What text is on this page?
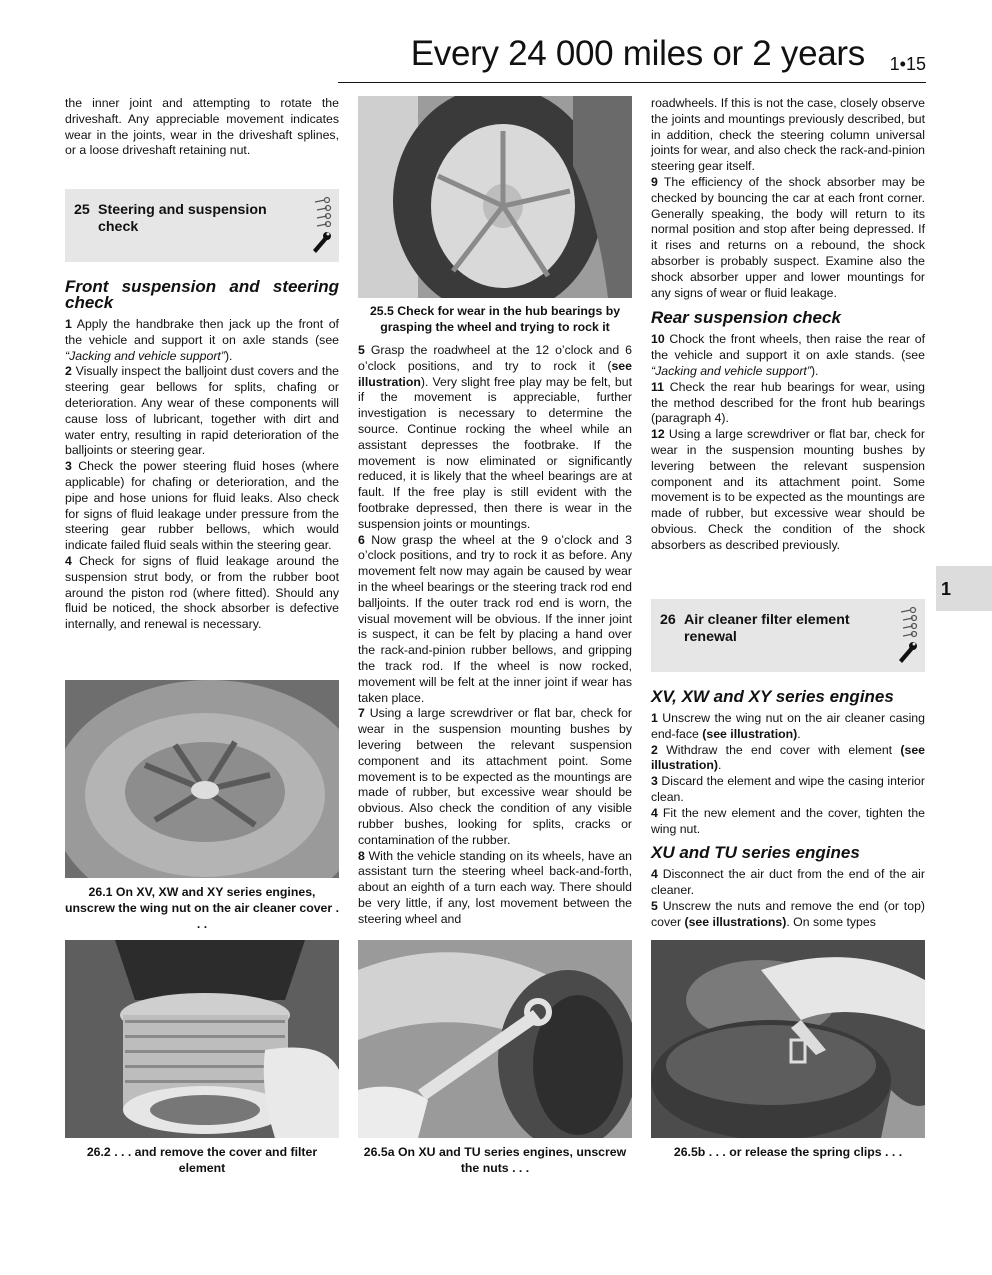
Every 24 000 miles or 2 years 1•15

the inner joint and attempting to rotate the driveshaft. Any appreciable movement indicates wear in the joints, wear in the driveshaft splines, or a loose driveshaft retaining nut.

25 Steering and suspension check

Front suspension and steering check

1 Apply the handbrake then jack up the front of the vehicle and support it on axle stands (see “Jacking and vehicle support”).

2 Visually inspect the balljoint dust covers and the steering gear bellows for splits, chafing or deterioration. Any wear of these components will cause loss of lubricant, together with dirt and water entry, resulting in rapid deterioration of the balljoints or steering gear.

3 Check the power steering fluid hoses (where applicable) for chafing or deterioration, and the pipe and hose unions for fluid leaks. Also check for signs of fluid leakage under pressure from the steering gear rubber bellows, which would indicate failed fluid seals within the steering gear.

4 Check for signs of fluid leakage around the suspension strut body, or from the rubber boot around the piston rod (where fitted). Should any fluid be noticed, the shock absorber is defective internally, and renewal is necessary.

26.1 On XV, XW and XY series engines, unscrew the wing nut on the air cleaner cover . . .
25.5 Check for wear in the hub bearings by grasping the wheel and trying to rock it

5 Grasp the roadwheel at the 12 o’clock and 6 o’clock positions, and try to rock it (see illustration). Very slight free play may be felt, but if the movement is appreciable, further investigation is necessary to determine the source. Continue rocking the wheel while an assistant depresses the footbrake. If the movement is now eliminated or significantly reduced, it is likely that the wheel bearings are at fault. If the free play is still evident with the footbrake depressed, then there is wear in the suspension joints or mountings.

6 Now grasp the wheel at the 9 o’clock and 3 o’clock positions, and try to rock it as before. Any movement felt now may again be caused by wear in the wheel bearings or the steering track rod end balljoints. If the outer track rod end is worn, the visual movement will be obvious. If the inner joint is suspect, it can be felt by placing a hand over the rack-and-pinion rubber bellows, and gripping the track rod. If the wheel is now rocked, movement will be felt at the inner joint if wear has taken place.

7 Using a large screwdriver or flat bar, check for wear in the suspension mounting bushes by levering between the relevant suspension component and its attachment point. Some movement is to be expected as the mountings are made of rubber, but excessive wear should be obvious. Also check the condition of any visible rubber bushes, looking for splits, cracks or contamination of the rubber.

8 With the vehicle standing on its wheels, have an assistant turn the steering wheel back-and-forth, about an eighth of a turn each way. There should be very little, if any, lost movement between the steering wheel and

roadwheels. If this is not the case, closely observe the joints and mountings previously described, but in addition, check the steering column universal joints for wear, and also check the rack-and-pinion steering gear itself.

9 The efficiency of the shock absorber may be checked by bouncing the car at each front corner. Generally speaking, the body will return to its normal position and stop after being depressed. If it rises and returns on a rebound, the shock absorber is probably suspect. Examine also the shock absorber upper and lower mountings for any signs of wear or fluid leakage.

Rear suspension check

10 Chock the front wheels, then raise the rear of the vehicle and support it on axle stands. (see “Jacking and vehicle support”).

11 Check the rear hub bearings for wear, using the method described for the front hub bearings (paragraph 4).

12 Using a large screwdriver or flat bar, check for wear in the suspension mounting bushes by levering between the relevant suspension component and its attachment point. Some movement is to be expected as the mountings are made of rubber, but excessive wear should be obvious. Check the condition of the shock absorbers as described previously.

26 Air cleaner filter element renewal

XV, XW and XY series engines

1 Unscrew the wing nut on the air cleaner casing end-face (see illustration).

2 Withdraw the end cover with element (see illustration).

3 Discard the element and wipe the casing interior clean.

4 Fit the new element and the cover, tighten the wing nut.

XU and TU series engines

4 Disconnect the air duct from the end of the air cleaner.

5 Unscrew the nuts and remove the end (or top) cover (see illustrations). On some types

1
26.2 . . . and remove the cover and filter element
26.5a On XU and TU series engines, unscrew the nuts . . .
26.5b . . . or release the spring clips . . .
